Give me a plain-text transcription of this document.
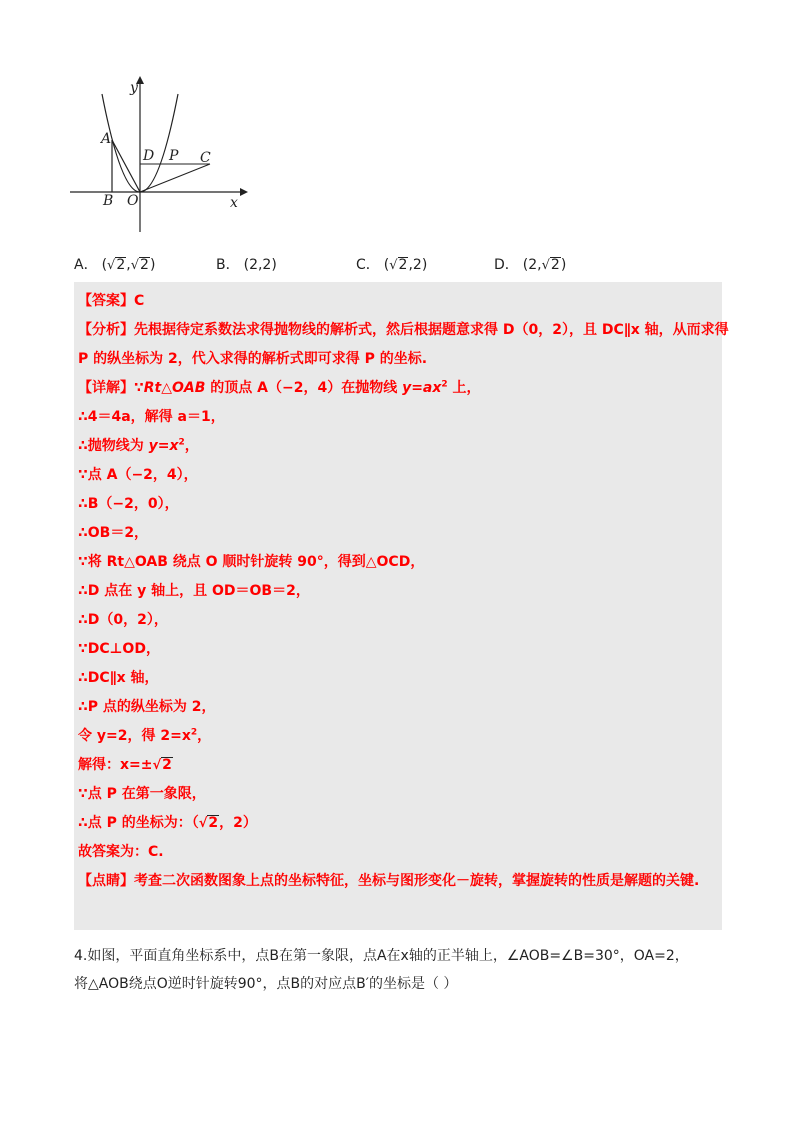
y
x
A
B O
D P C
A． (√2,√2)	B． (2,2)	C． (√2,2)	D． (2,√2)
【答案】C
【分析】先根据待定系数法求得抛物线的解析式，然后根据题意求得 D（0，2），且 DC∥x 轴，从而求得
P 的纵坐标为 2，代入求得的解析式即可求得 P 的坐标.
【详解】∵Rt△OAB 的顶点 A（−2，4）在抛物线 $y=ax^2$ 上，
∴4＝4a，解得 a＝1，
∴抛物线为 $y=x^2$，
∵点 A（−2，4），
∴B（−2，0），
∴OB＝2，
∵将 Rt△OAB 绕点 O 顺时针旋转 90°，得到△OCD，
∴D 点在 y 轴上，且 OD＝OB＝2，
∴D（0，2），
∵DC⊥OD，
∴DC∥x 轴，
∴P 点的纵坐标为 2，
令 y=2，得 $2=x^2$，
解得：x=±√2
∵点 P 在第一象限，
∴点 P 的坐标为：（√2，2）
故答案为：C.
【点睛】考查二次函数图象上点的坐标特征，坐标与图形变化－旋转，掌握旋转的性质是解题的关键.
4.如图，平面直角坐标系中，点B在第一象限，点A在x轴的正半轴上，∠AOB=∠B=30°，OA=2，
将△AOB绕点O逆时针旋转90°，点B的对应点B′的坐标是（ ）
